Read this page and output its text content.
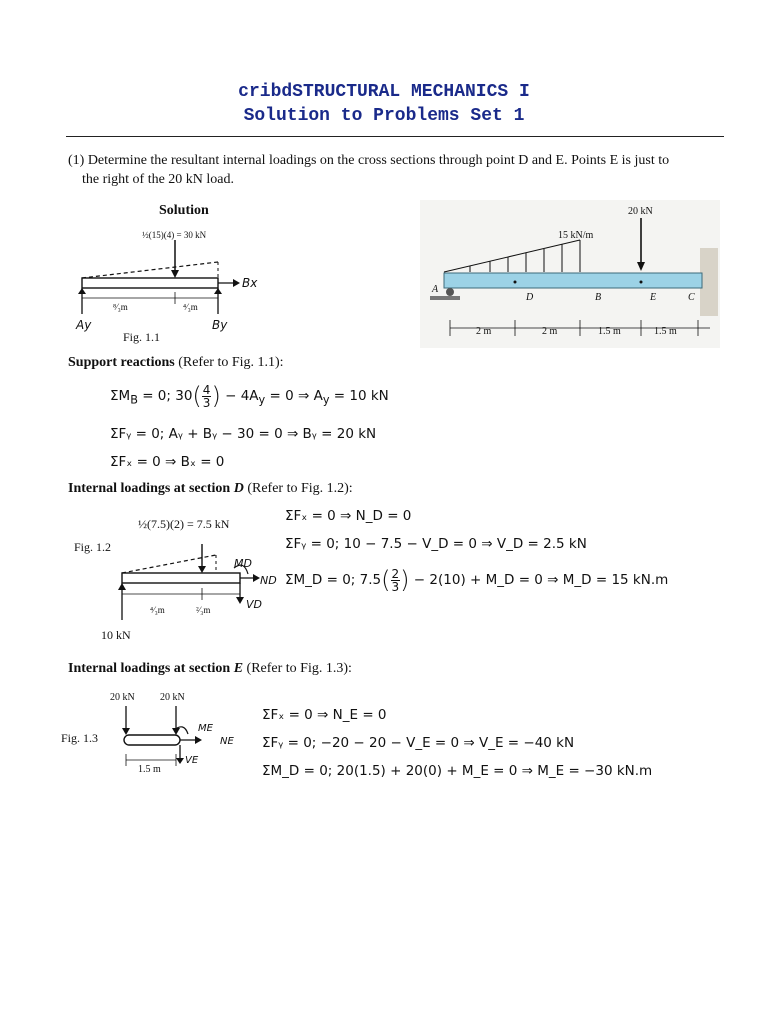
cribdSTRUCTURAL MECHANICS I
Solution to Problems Set 1
(1) Determine the resultant internal loadings on the cross sections through point D and E. Points E is just to
the right of the 20 kN load.
Solution
½(15)(4) = 30 kN
⁸⁄₃m	⁴⁄₃m
Ay	By
Bx
Fig. 1.1
20 kN
15 kN/m
A
D	B	E	C
2 m	2 m	1.5 m	1.5 m
Support reactions (Refer to Fig. 1.1):
$\Sigma M_B = 0$; $30( \frac{4}{3}$ ) − $4A_y = 0$ ⇒ $A_y = 10$ kN
ΣFᵧ = 0; Aᵧ + Bᵧ − 30 = 0 ⇒ Bᵧ = 20 kN
ΣFₓ = 0 ⇒ Bₓ = 0
Internal loadings at section D (Refer to Fig. 1.2):
ΣFₓ = 0 ⇒ N_D = 0
ΣFᵧ = 0; 10 − 7.5 − V_D = 0 ⇒ V_D = 2.5 kN
ΣM_D = 0; $7.5( \frac{2}{3}$ ) − 2(10) + M_D = 0 ⇒ M_D = 15 kN.m
½(7.5)(2) = 7.5 kN
Fig. 1.2
MD
ND
VD
⁴⁄₃m	²⁄₃m
10 kN
Internal loadings at section E (Refer to Fig. 1.3):
ΣFₓ = 0 ⇒ N_E = 0
ΣFᵧ = 0; −20 − 20 − V_E = 0 ⇒ V_E = −40 kN
ΣM_D = 0; 20(1.5) + 20(0) + M_E = 0 ⇒ M_E = −30 kN.m
20 kN	20 kN
Fig. 1.3
ME
NE
VE
1.5 m
